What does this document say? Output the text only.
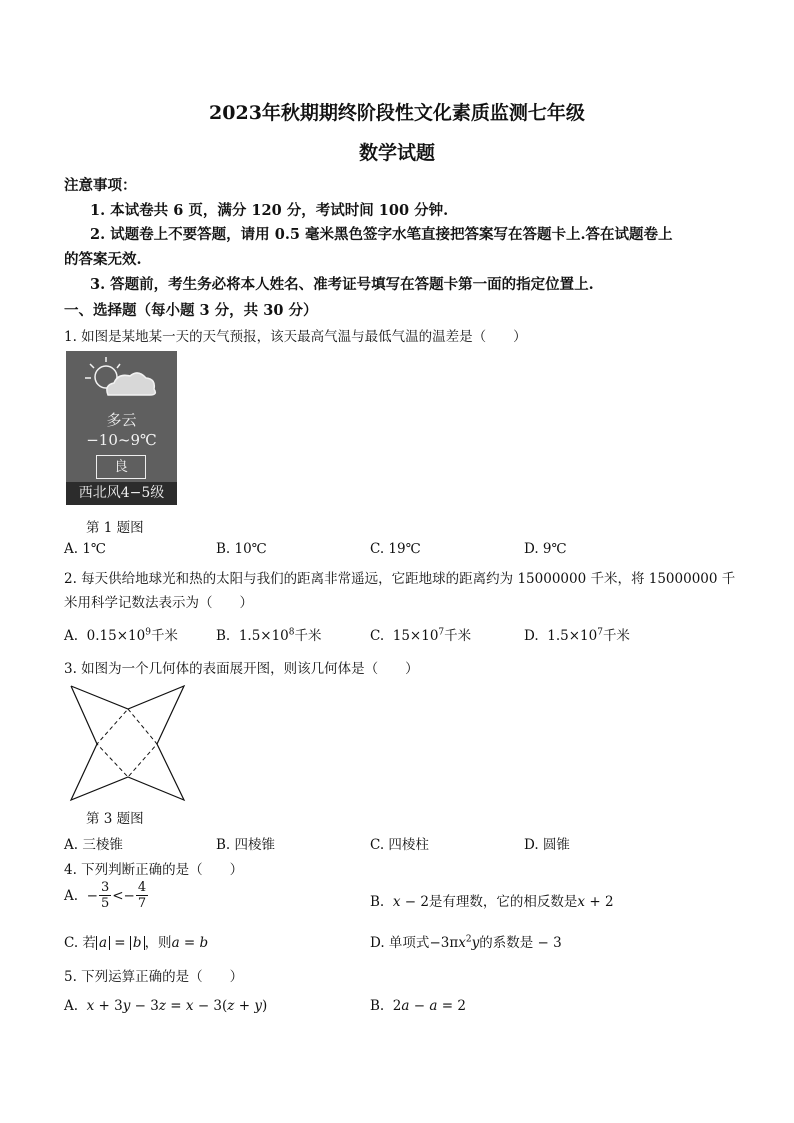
2023年秋期期终阶段性文化素质监测七年级
数学试题
注意事项：
1. 本试卷共 6 页，满分 120 分，考试时间 100 分钟.
2. 试题卷上不要答题，请用 0.5 毫米黑色签字水笔直接把答案写在答题卡上.答在试题卷上
的答案无效.
3. 答题前，考生务必将本人姓名、准考证号填写在答题卡第一面的指定位置上.
一、选择题（每小题 3 分，共 30 分）
1. 如图是某地某一天的天气预报，该天最高气温与最低气温的温差是（　　）
多云
−10~9℃
良
西北风4−5级
第 1 题图
A. 1℃	B. 10℃	C. 19℃	D. 9℃
2. 每天供给地球光和热的太阳与我们的距离非常遥远，它距地球的距离约为 15000000 千米，将 15000000 千
米用科学记数法表示为（　　）
A. $0.15\times 10^9$千米	B. $1.5\times 10^8$千米	C. $15\times 10^7$千米	D. $1.5\times 10^7$千米
3. 如图为一个几何体的表面展开图，则该几何体是（　　）
第 3 题图
A. 三棱锥	B. 四棱锥	C. 四棱柱	D. 圆锥
4. 下列判断正确的是（　　）
A. − $\frac{3}{5} <- \frac{4}{7}$	B. x − 2是有理数，它的相反数是x + 2
C. 若 a = b ，则a = b	D. 单项式$-3\pi x^2y$的系数是 − 3
5. 下列运算正确的是（　　）
A. x + 3y − 3z = x − 3(z + y)	B.  2a − a = 2
